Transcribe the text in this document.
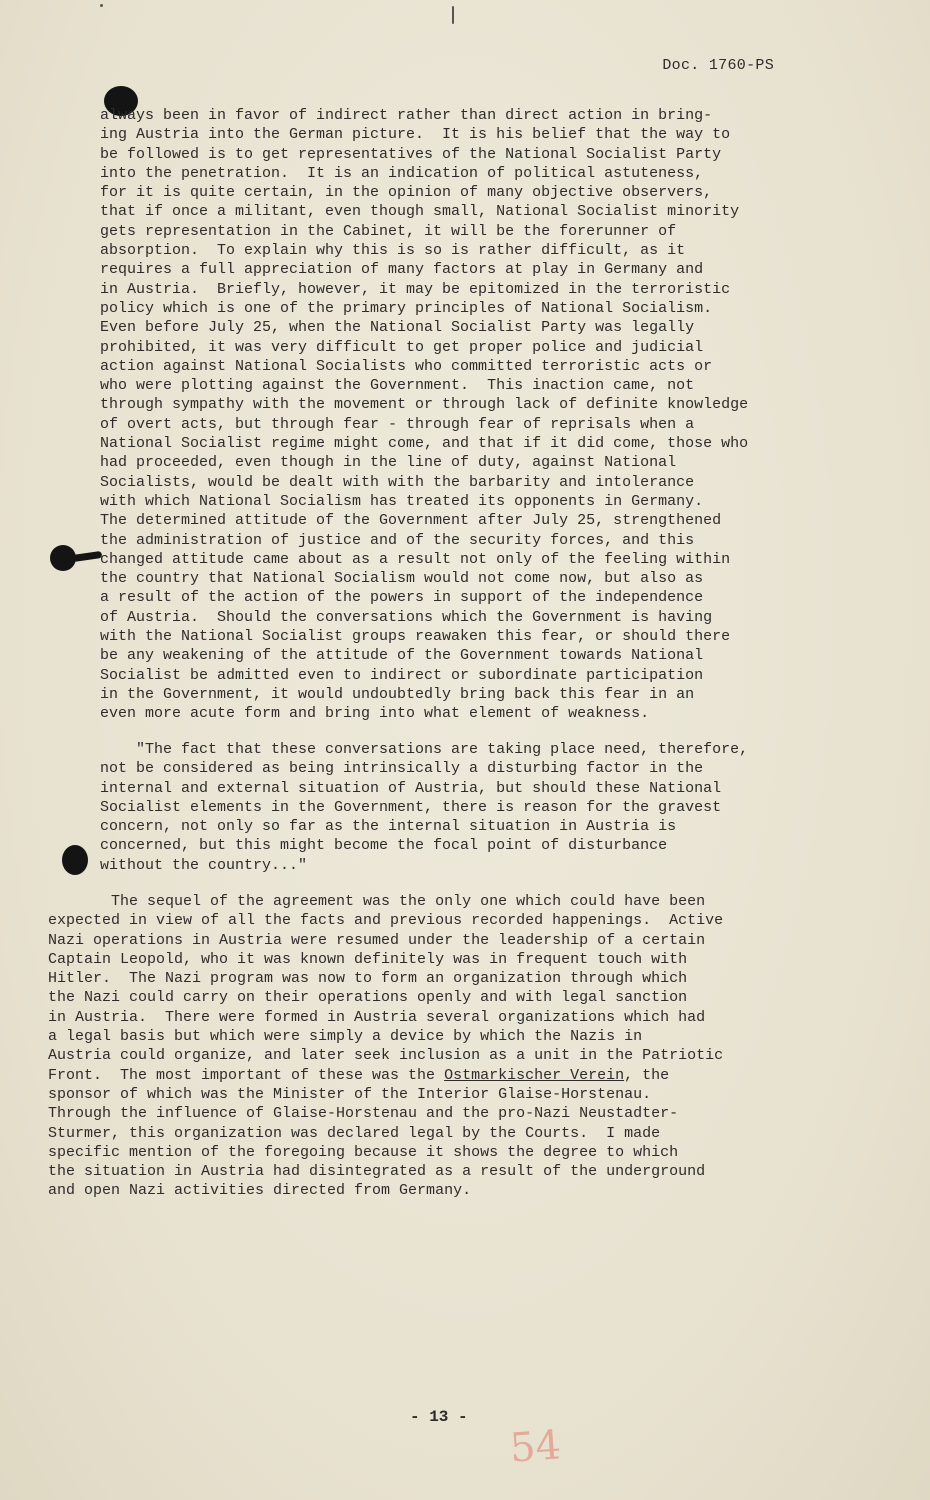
Doc. 1760-PS

always been in favor of indirect rather than direct action in bring-
ing Austria into the German picture.  It is his belief that the way to
be followed is to get representatives of the National Socialist Party
into the penetration.  It is an indication of political astuteness,
for it is quite certain, in the opinion of many objective observers,
that if once a militant, even though small, National Socialist minority
gets representation in the Cabinet, it will be the forerunner of
absorption.  To explain why this is so is rather difficult, as it
requires a full appreciation of many factors at play in Germany and
in Austria.  Briefly, however, it may be epitomized in the terroristic
policy which is one of the primary principles of National Socialism.
Even before July 25, when the National Socialist Party was legally
prohibited, it was very difficult to get proper police and judicial
action against National Socialists who committed terroristic acts or
who were plotting against the Government.  This inaction came, not
through sympathy with the movement or through lack of definite knowledge
of overt acts, but through fear - through fear of reprisals when a
National Socialist regime might come, and that if it did come, those who
had proceeded, even though in the line of duty, against National
Socialists, would be dealt with with the barbarity and intolerance
with which National Socialism has treated its opponents in Germany.
The determined attitude of the Government after July 25, strengthened
the administration of justice and of the security forces, and this
changed attitude came about as a result not only of the feeling within
the country that National Socialism would not come now, but also as
a result of the action of the powers in support of the independence
of Austria.  Should the conversations which the Government is having
with the National Socialist groups reawaken this fear, or should there
be any weakening of the attitude of the Government towards National
Socialist be admitted even to indirect or subordinate participation
in the Government, it would undoubtedly bring back this fear in an
even more acute form and bring into what element of weakness.

"The fact that these conversations are taking place need, therefore,
not be considered as being intrinsically a disturbing factor in the
internal and external situation of Austria, but should these National
Socialist elements in the Government, there is reason for the gravest
concern, not only so far as the internal situation in Austria is
concerned, but this might become the focal point of disturbance
without the country..."

The sequel of the agreement was the only one which could have been
expected in view of all the facts and previous recorded happenings.  Active
Nazi operations in Austria were resumed under the leadership of a certain
Captain Leopold, who it was known definitely was in frequent touch with
Hitler.  The Nazi program was now to form an organization through which
the Nazi could carry on their operations openly and with legal sanction
in Austria.  There were formed in Austria several organizations which had
a legal basis but which were simply a device by which the Nazis in
Austria could organize, and later seek inclusion as a unit in the Patriotic
Front.  The most important of these was the Ostmarkischer Verein, the
sponsor of which was the Minister of the Interior Glaise-Horstenau.
Through the influence of Glaise-Horstenau and the pro-Nazi Neustadter-
Sturmer, this organization was declared legal by the Courts.  I made
specific mention of the foregoing because it shows the degree to which
the situation in Austria had disintegrated as a result of the underground
and open Nazi activities directed from Germany.

- 13 -
54
